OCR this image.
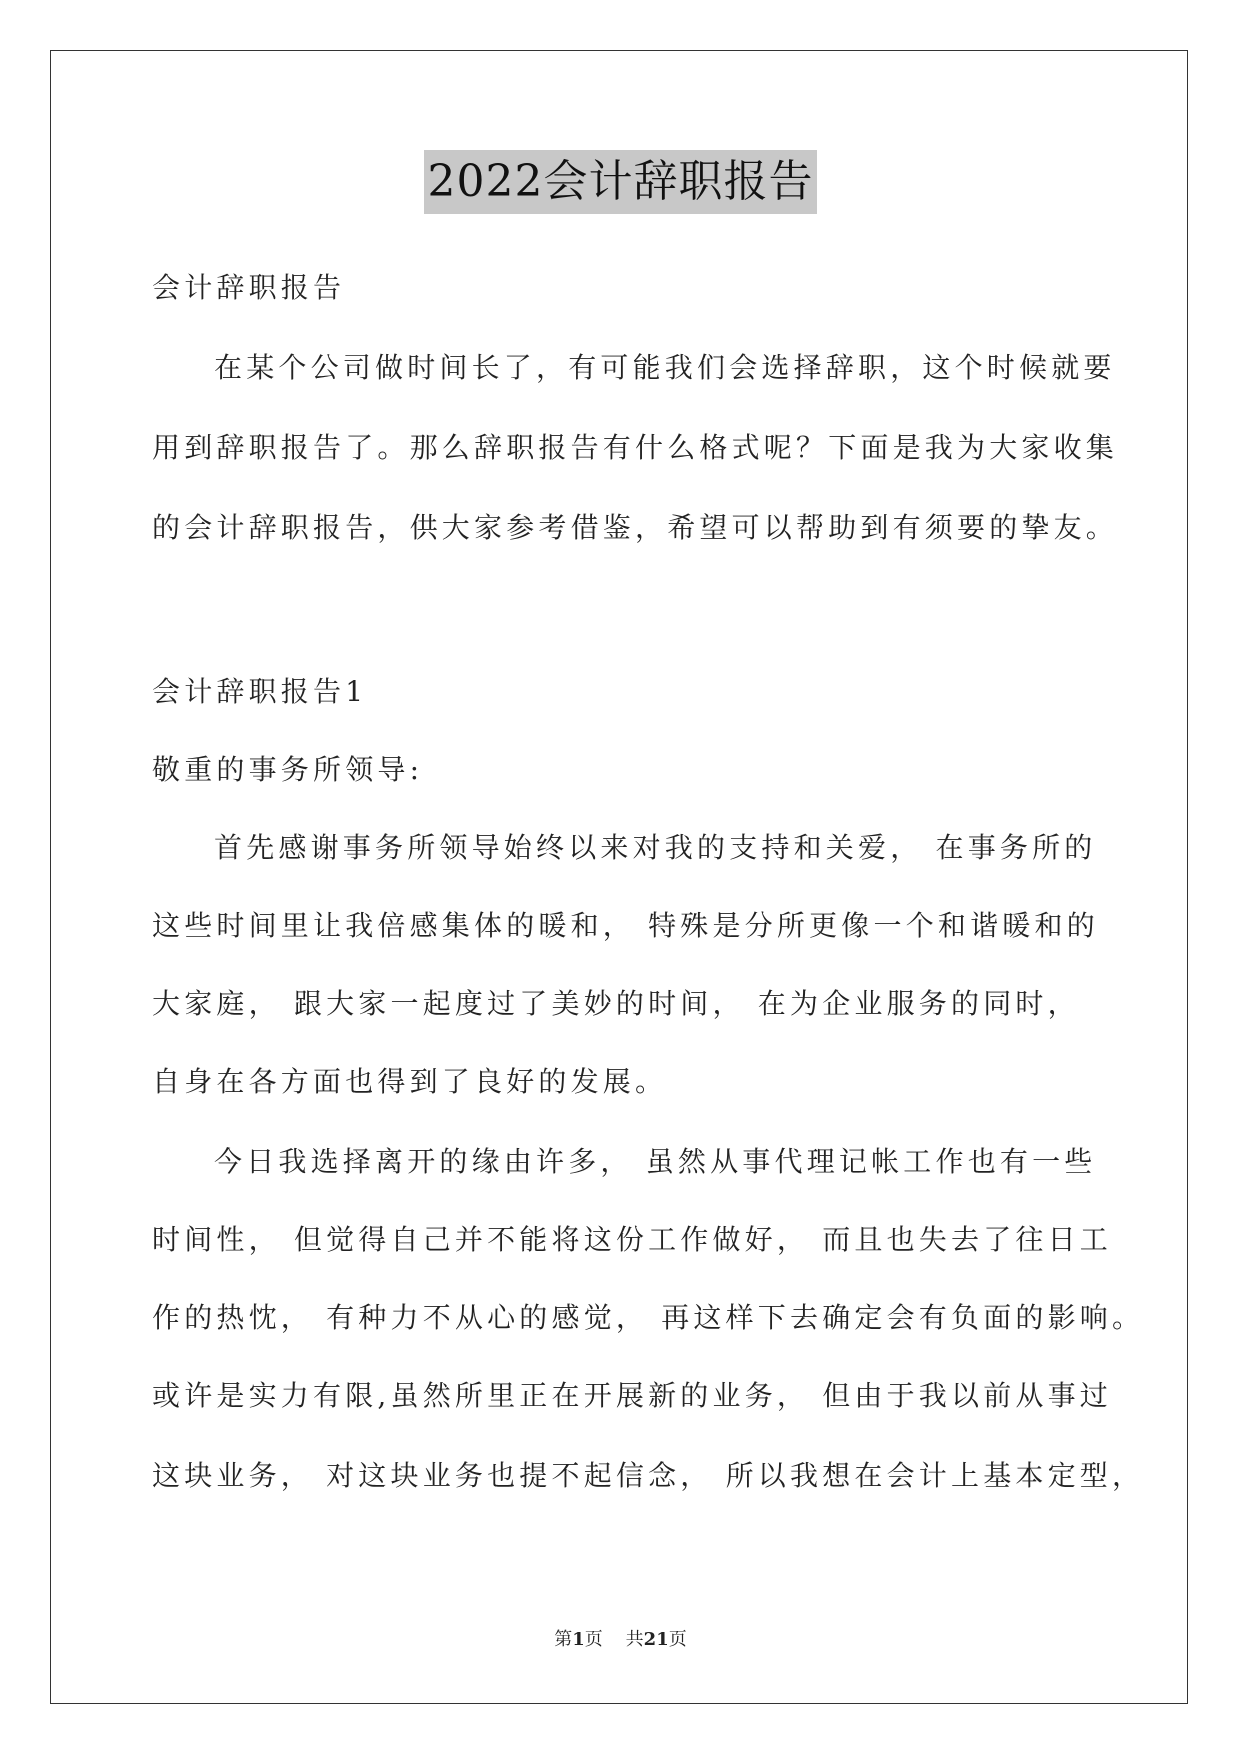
2022会计辞职报告
会计辞职报告
在某个公司做时间长了，有可能我们会选择辞职，这个时候就要
用到辞职报告了。那么辞职报告有什么格式呢？下面是我为大家收集
的会计辞职报告，供大家参考借鉴，希望可以帮助到有须要的挚友。
会计辞职报告1
敬重的事务所领导:
首先感谢事务所领导始终以来对我的支持和关爱， 在事务所的
这些时间里让我倍感集体的暖和， 特殊是分所更像一个和谐暖和的
大家庭， 跟大家一起度过了美妙的时间， 在为企业服务的同时，
自身在各方面也得到了良好的发展。
今日我选择离开的缘由许多， 虽然从事代理记帐工作也有一些
时间性， 但觉得自己并不能将这份工作做好， 而且也失去了往日工
作的热忱， 有种力不从心的感觉， 再这样下去确定会有负面的影响。
或许是实力有限,虽然所里正在开展新的业务， 但由于我以前从事过
这块业务， 对这块业务也提不起信念， 所以我想在会计上基本定型，
第1页 共21页
